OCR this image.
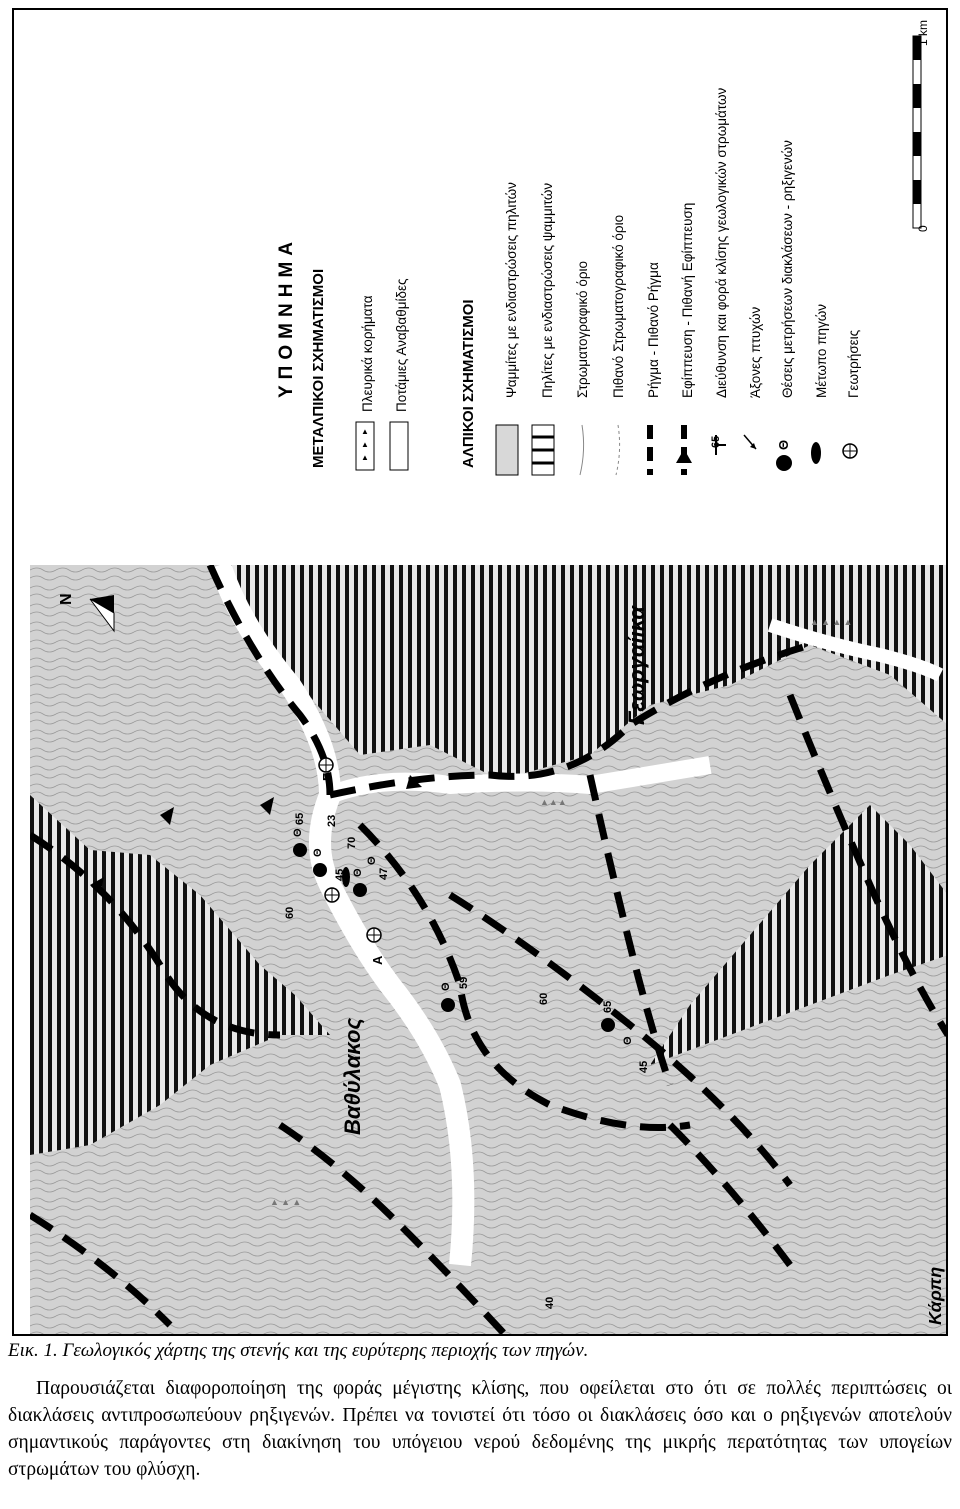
ΥΠΟΜΝΗΜΑ ΜΕΤΑΛΠΙΚΟΙ ΣΧΗΜΑΤΙΣΜΟΙ	▲
▲
▲
Πλευρικά κορήματα Ποτάμιες Αναβαθμίδες	ΑΛΠΙΚΟΙ ΣΧΗΜΑΤΙΣΜΟΙ	65	Θ
Ψαμμίτες με ενδιαστρώσεις πηλιτών Πηλίτες με ενδιαστρώσεις ψαμμιτών Στρωματογραφικό όριο Πιθανό Στρωματογραφικό όριο Ρήγμα - Πιθανό Ρήγμα Εφίππευση - Πιθανή Εφίππευση Διεύθυνση και φορά κλίσης γεωλογικών στρωμάτων Άξονες πτυχών Θέσεις μετρήσεων διακλάσεων - ρηξιγενών Μέτωπο πηγών Γεωτρήσεις
0
1 km
▲ ▲ ▲
▲ ▲ ▲ ▲
▲▲▲
N
Βαθύλακος
Γεωργαίικα
Κάρπη
Α
Γ
Θ
Θ
Θ
Θ
Θ
Θ
60
65
47
45
23
70
59
60
65
45
40
Εικ. 1. Γεωλογικός χάρτης της στενής και της ευρύτερης περιοχής των πηγών.

Παρουσιάζεται διαφοροποίηση της φοράς μέγιστης κλίσης, που οφείλεται στο ότι σε πολλές περιπτώσεις οι διακλάσεις αντιπροσωπεύουν ρηξιγενών. Πρέπει να τονιστεί ότι τόσο οι διακλάσεις όσο και ο ρηξιγενών αποτελούν σημαντικούς παράγοντες στη διακίνηση του υπόγειου νερού δεδομένης της μικρής περατότητας των υπογείων στρωμάτων του φλύσχη.
